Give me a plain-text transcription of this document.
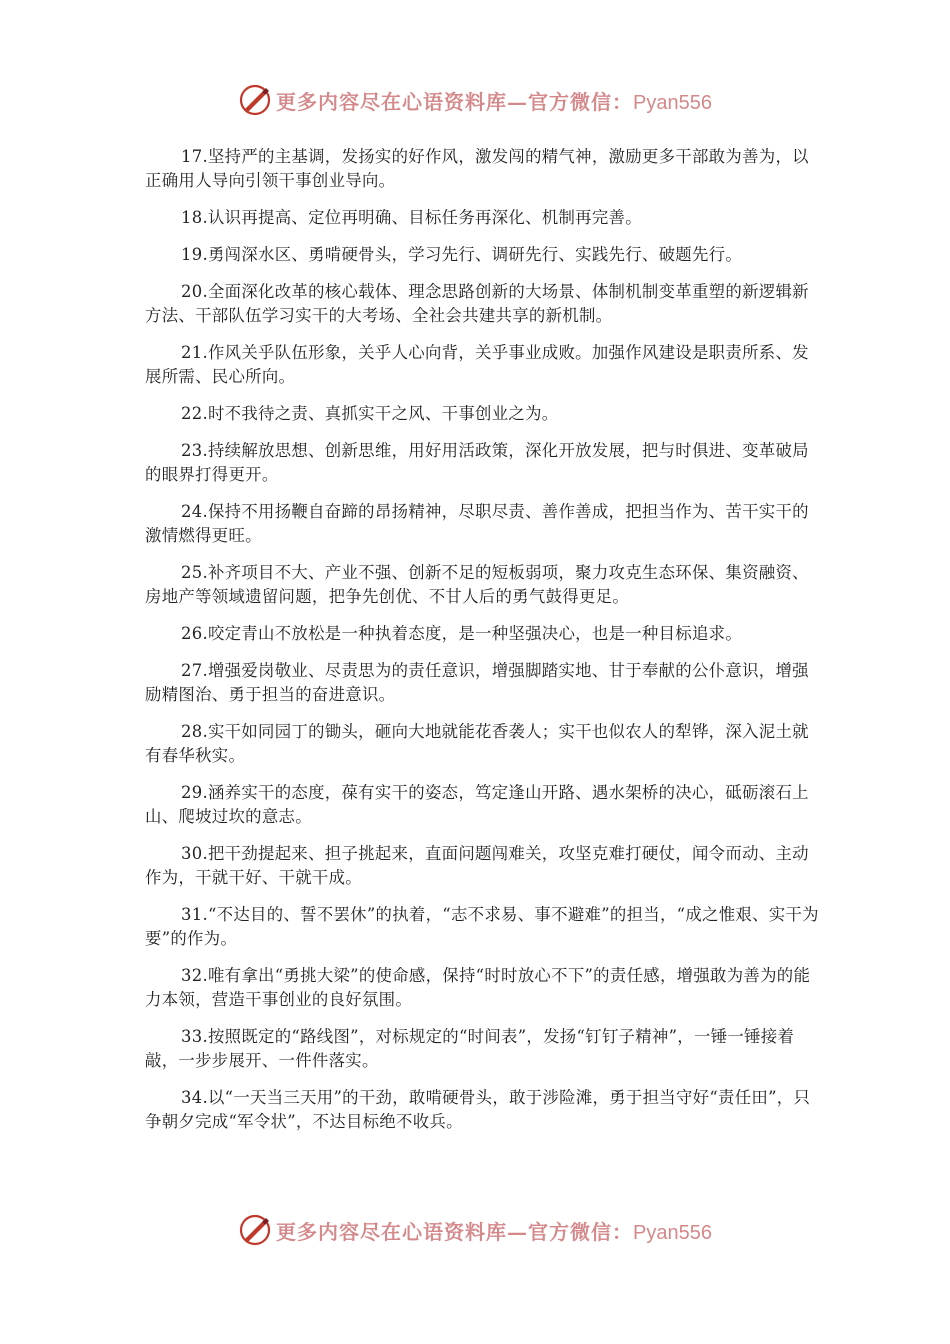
更多内容尽在心语资料库—官方微信：Pyan556

17.坚持严的主基调，发扬实的好作风，激发闯的精气神，激励更多干部敢为善为，以正确用人导向引领干事创业导向。

18.认识再提高、定位再明确、目标任务再深化、机制再完善。

19.勇闯深水区、勇啃硬骨头，学习先行、调研先行、实践先行、破题先行。

20.全面深化改革的核心载体、理念思路创新的大场景、体制机制变革重塑的新逻辑新方法、干部队伍学习实干的大考场、全社会共建共享的新机制。

21.作风关乎队伍形象，关乎人心向背，关乎事业成败。加强作风建设是职责所系、发展所需、民心所向。

22.时不我待之责、真抓实干之风、干事创业之为。

23.持续解放思想、创新思维，用好用活政策，深化开放发展，把与时俱进、变革破局的眼界打得更开。

24.保持不用扬鞭自奋蹄的昂扬精神，尽职尽责、善作善成，把担当作为、苦干实干的激情燃得更旺。

25.补齐项目不大、产业不强、创新不足的短板弱项，聚力攻克生态环保、集资融资、房地产等领域遗留问题，把争先创优、不甘人后的勇气鼓得更足。

26.咬定青山不放松是一种执着态度，是一种坚强决心，也是一种目标追求。

27.增强爱岗敬业、尽责思为的责任意识，增强脚踏实地、甘于奉献的公仆意识，增强励精图治、勇于担当的奋进意识。

28.实干如同园丁的锄头，砸向大地就能花香袭人；实干也似农人的犁铧，深入泥土就有春华秋实。

29.涵养实干的态度，葆有实干的姿态，笃定逢山开路、遇水架桥的决心，砥砺滚石上山、爬坡过坎的意志。

30.把干劲提起来、担子挑起来，直面问题闯难关，攻坚克难打硬仗，闻令而动、主动作为，干就干好、干就干成。

31.“不达目的、誓不罢休”的执着，“志不求易、事不避难”的担当，“成之惟艰、实干为要”的作为。

32.唯有拿出“勇挑大梁”的使命感，保持“时时放心不下”的责任感，增强敢为善为的能力本领，营造干事创业的良好氛围。

33.按照既定的“路线图”，对标规定的“时间表”，发扬“钉钉子精神”，一锤一锤接着敲，一步步展开、一件件落实。

34.以“一天当三天用”的干劲，敢啃硬骨头，敢于涉险滩，勇于担当守好“责任田”，只争朝夕完成“军令状”，不达目标绝不收兵。

更多内容尽在心语资料库—官方微信：Pyan556
